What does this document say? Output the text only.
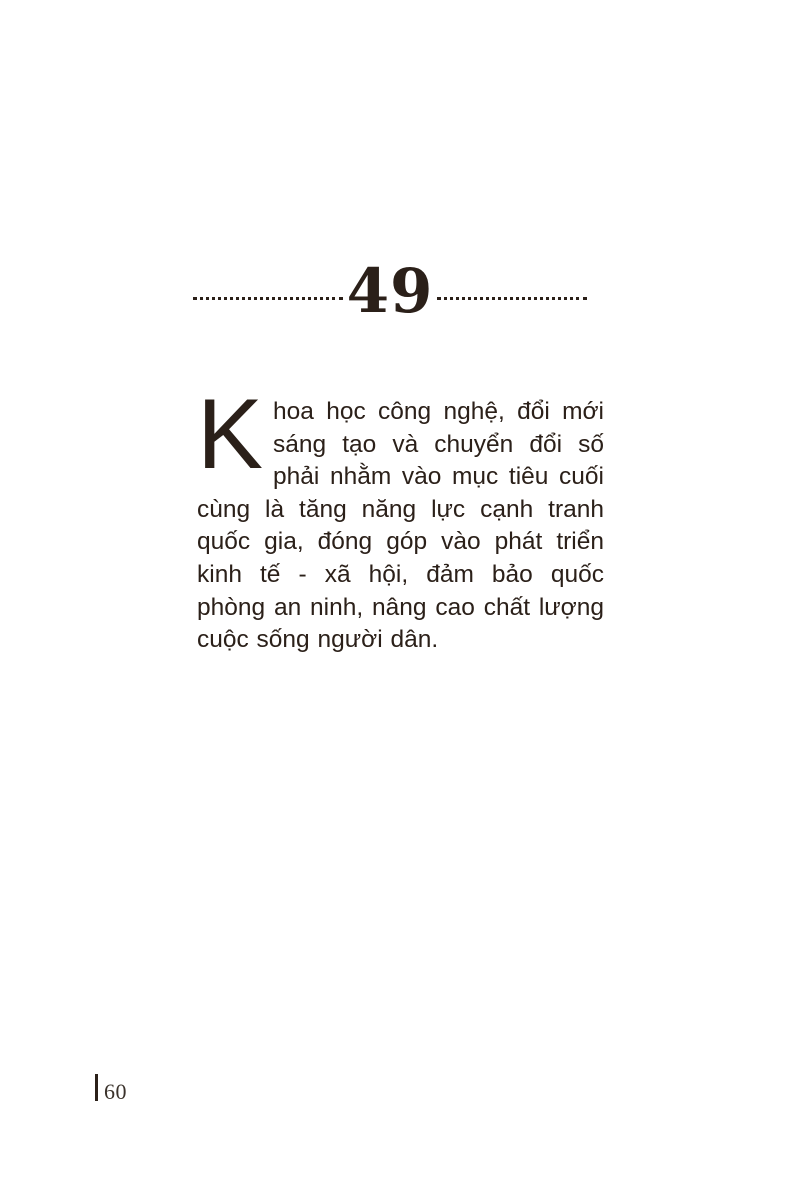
49
Khoa học công nghệ, đổi mới sáng tạo và chuyển đổi số phải nhằm vào mục tiêu cuối cùng là tăng năng lực cạnh tranh quốc gia, đóng góp vào phát triển kinh tế - xã hội, đảm bảo quốc phòng an ninh, nâng cao chất lượng cuộc sống người dân.
60
